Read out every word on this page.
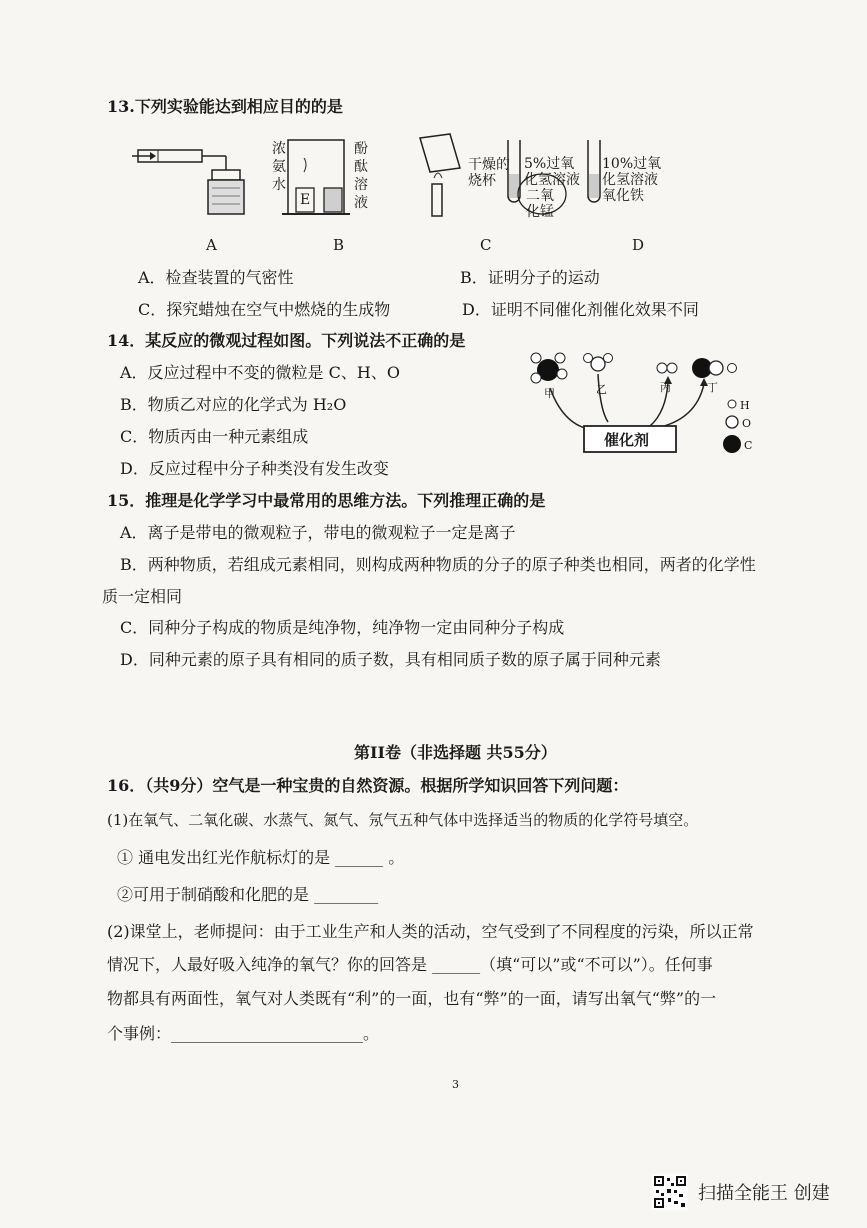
13.下列实验能达到相应目的的是
浓氨水
酚酞溶液
E
干燥的
烧杯
5%过氧
化氢溶液
二氧化锰
10%过氧
化氢溶液
氧化铁
A	B	C	D
A．检查装置的气密性	B．证明分子的运动
C．探究蜡烛在空气中燃烧的生成物	D．证明不同催化剂催化效果不同
14．某反应的微观过程如图。下列说法不正确的是
A．反应过程中不变的微粒是 C、H、O
B．物质乙对应的化学式为 H₂O
C．物质丙由一种元素组成
D．反应过程中分子种类没有发生改变
甲	乙	丙	丁
催化剂
H
O
C
15．推理是化学学习中最常用的思维方法。下列推理正确的是
A．离子是带电的微观粒子，带电的微观粒子一定是离子
B．两种物质，若组成元素相同，则构成两种物质的分子的原子种类也相同，两者的化学性
质一定相同
C．同种分子构成的物质是纯净物，纯净物一定由同种分子构成
D．同种元素的原子具有相同的质子数，具有相同质子数的原子属于同种元素
第II卷（非选择题 共55分）
16．（共9分）空气是一种宝贵的自然资源。根据所学知识回答下列问题：
(1)在氧气、二氧化碳、水蒸气、氮气、氖气五种气体中选择适当的物质的化学符号填空。
① 通电发出红光作航标灯的是 ______ 。
②可用于制硝酸和化肥的是 ________
(2)课堂上，老师提问：由于工业生产和人类的活动，空气受到了不同程度的污染，所以正常
情况下，人最好吸入纯净的氧气？你的回答是 ______（填“可以”或“不可以”）。任何事
物都具有两面性，氧气对人类既有“利”的一面，也有“弊”的一面，请写出氧气“弊”的一
个事例：________________________。
3
扫描全能王 创建
